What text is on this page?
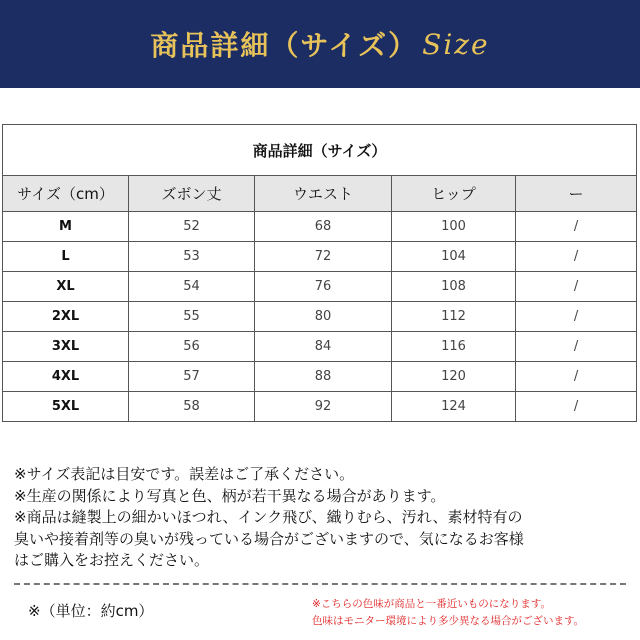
商品詳細（サイズ） Size
商品詳細（サイズ）				
サイズ（cm）	ズボン丈	ウエスト	ヒップ	ー
M	52	68	100	/
L	53	72	104	/
XL	54	76	108	/
2XL	55	80	112	/
3XL	56	84	116	/
4XL	57	88	120	/
5XL	58	92	124	/

※サイズ表記は目安です。誤差はご了承ください。

※生産の関係により写真と色、柄が若干異なる場合があります。

※商品は縫製上の細かいほつれ、インク飛び、織りむら、汚れ、素材特有の

臭いや接着剤等の臭いが残っている場合がございますので、気になるお客様

はご購入をお控えください。

※（単位：約cm）	※こちらの色味が商品と一番近いものになります。

色味はモニター環境により多少異なる場合がございます。
